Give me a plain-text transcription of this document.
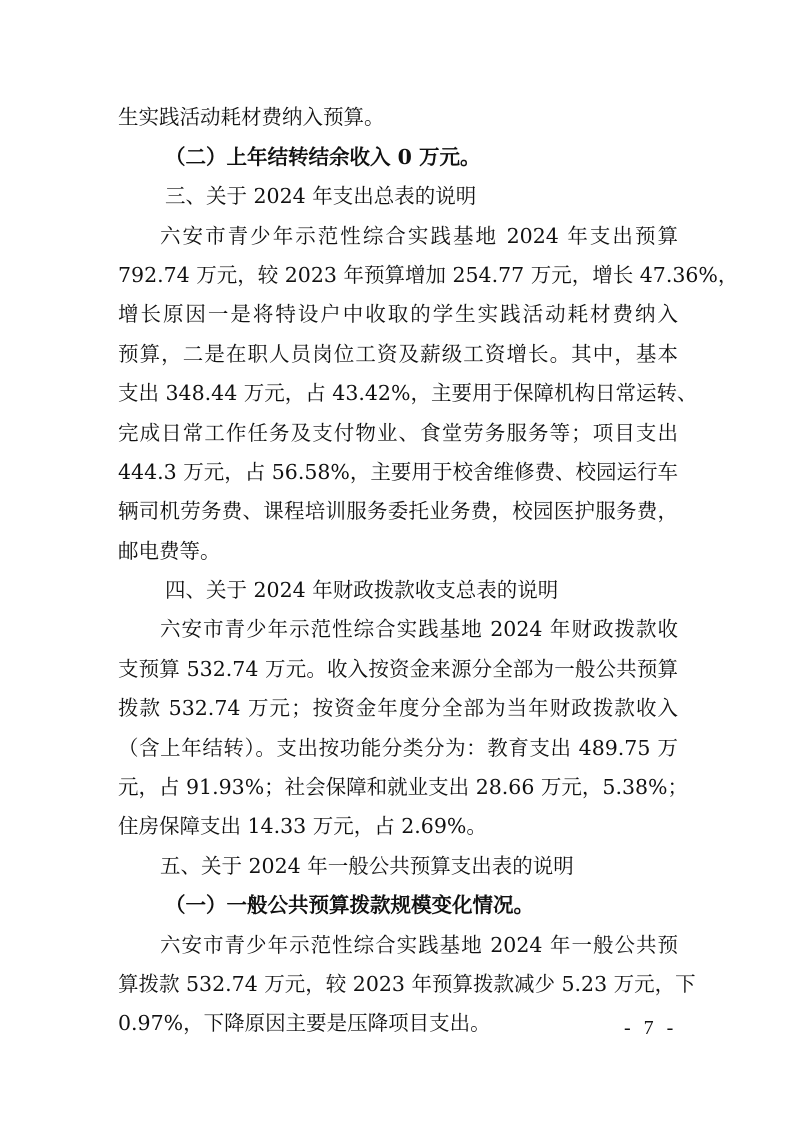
生实践活动耗材费纳入预算。
（二）上年结转结余收入 0 万元。
三、关于 2024 年支出总表的说明
六安市青少年示范性综合实践基地 2024 年支出预算
792.74 万元，较 2023 年预算增加 254.77 万元，增长 47.36%，
增长原因一是将特设户中收取的学生实践活动耗材费纳入
预算，二是在职人员岗位工资及薪级工资增长。其中，基本
支出 348.44 万元，占 43.42%，主要用于保障机构日常运转、
完成日常工作任务及支付物业、食堂劳务服务等；项目支出
444.3 万元，占 56.58%，主要用于校舍维修费、校园运行车
辆司机劳务费、课程培训服务委托业务费，校园医护服务费，
邮电费等。
四、关于 2024 年财政拨款收支总表的说明
六安市青少年示范性综合实践基地 2024 年财政拨款收
支预算 532.74 万元。收入按资金来源分全部为一般公共预算
拨款 532.74 万元；按资金年度分全部为当年财政拨款收入
（含上年结转）。支出按功能分类分为：教育支出 489.75 万
元，占 91.93%；社会保障和就业支出 28.66 万元，5.38%；
住房保障支出 14.33 万元，占 2.69%。
五、关于 2024 年一般公共预算支出表的说明
（一）一般公共预算拨款规模变化情况。
六安市青少年示范性综合实践基地 2024 年一般公共预
算拨款 532.74 万元，较 2023 年预算拨款减少 5.23 万元，下
0.97%，下降原因主要是压降项目支出。	- 7 -
